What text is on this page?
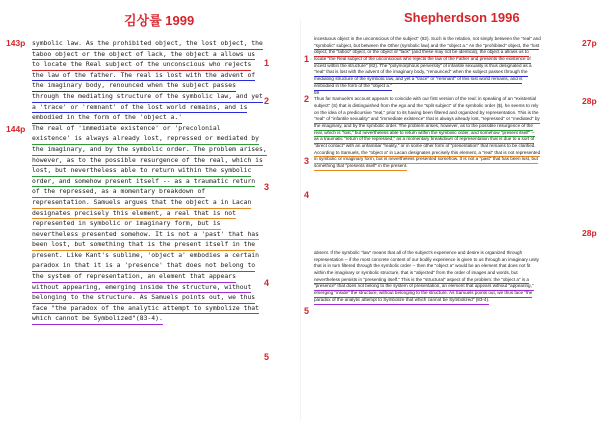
김상률 1999	Shepherdson 1996
143p
144p
27p
28p
28p
1
2
3
4
5
1
2
3
4
5
symbolic law. As the prohibited object, the lost object, the
taboo object or the object of lack, the object a allows us
to locate the Real subject of the unconscious who rejects
the law of the father. The real is lost with the advent of
the imaginary body, renounced when the subject passes
through the mediating structure of the symbolic law, and yet
a 'trace' or 'remnant' of the lost world remains, and is
embodied in the form of the 'object a.'
The real of 'immediate existence' or 'precolonial
existence' is always already lost, repressed or mediated by
the imaginary, and by the symbolic order. The problem arises,
however, as to the possible resurgence of the real, which is
lost, but nevertheless able to return within the symbolic
order, and somehow present itself -- as a traumatic return
of the repressed, as a momentary breakdown of
representation. Samuels argues that the object a in Lacan
designates precisely this element, a real that is not
represented in symbolic or imaginary form, but is
nevertheless presented somehow. It is not a 'past' that has
been lost, but something that is the present itself in the
present. Like Kant's sublime, 'object a' embodies a certain
paradox in that it is a 'presence' that does not belong to
the system of representation, an element that appears
without appearing, emerging inside the structure, without
belonging to the structure. As Samuels points out, we thus
face "the paradox of the analytic attempt to symbolize that
which cannot be Symbolized"(83-4).
incestuous object in the unconscious of the subject" (82). Such is the relation, not simply between the "real" and
"symbolic" subject, but between the Other (symbolic law) and the "object a." As the "prohibited" object, the "lost
object, the "taboo" object, or the object of "lack" (and these may not be identical), the object a allows us to
locate "the Real subject of the unconscious who rejects the law of the Father and presents the existence of
incest within the structure" (82). The "polymorphous perversity" of infantile sexuality is thus designated as a
"real" that is lost with the advent of the imaginary body, "renounced" when the subject passes through the
mediating structure of the symbolic law, and yet a "trace" or "remnant" of this lost world remains, and is
embodied in the form of the "object a."
59
Thus far Samuels's account appears to coincide with our first version of the real: in speaking of an "existential
subject" (S) that is distinguished from the ego and the "split subject" of the symbolic order ($), he seems to rely
on the idea of a predicursive "real," prior to its having been filtered and organized by representation. This is the
"real" of "infantile sexuality" and "immediate existence" that is always already lost, "repressed" or "mediated" by
the imaginary, and by the symbolic order. The problem arises, however, as to the possible resurgence of the
real, which is "lost," but nevertheless able to return within the symbolic order, and somehow "present itself" --
as a traumatic "return of the repressed," as a momentary breakdown of representation that is due to a sort of
"direct contact" with an unfamiliar "reality," or in some other form of "presentation" that remains to be clarified.
According to Samuels, the "object a" in Lacan designates precisely this element, a "real" that is not represented
in symbolic or imaginary form, but is nevertheless presented somehow. It is not a "past" that has been lost, but
something that "presents itself" in the present.
absent. If the symbolic "law" means that all of the subject's experience and desire is organized through
representation -- if the most concrete content of our bodily experience is given to us through an imaginary unity
that is in turn filtered through the symbolic order -- then the "object a" would be an element that does not fit
within the imaginary or symbolic structure, that is "abjected" from the order of images and words, but
nevertheless persists in "presenting itself." This is the "structural" aspect of the problem: the "object a" is a
"presence" that does not belong to the system of presentation, an element that appears without "appearing,"
emerging "inside" the structure, without belonging to the structure. As Samuels points out, we thus face "the
paradox of the analytic attempt to Symbolize that which cannot be Symbolized" (83-4).
